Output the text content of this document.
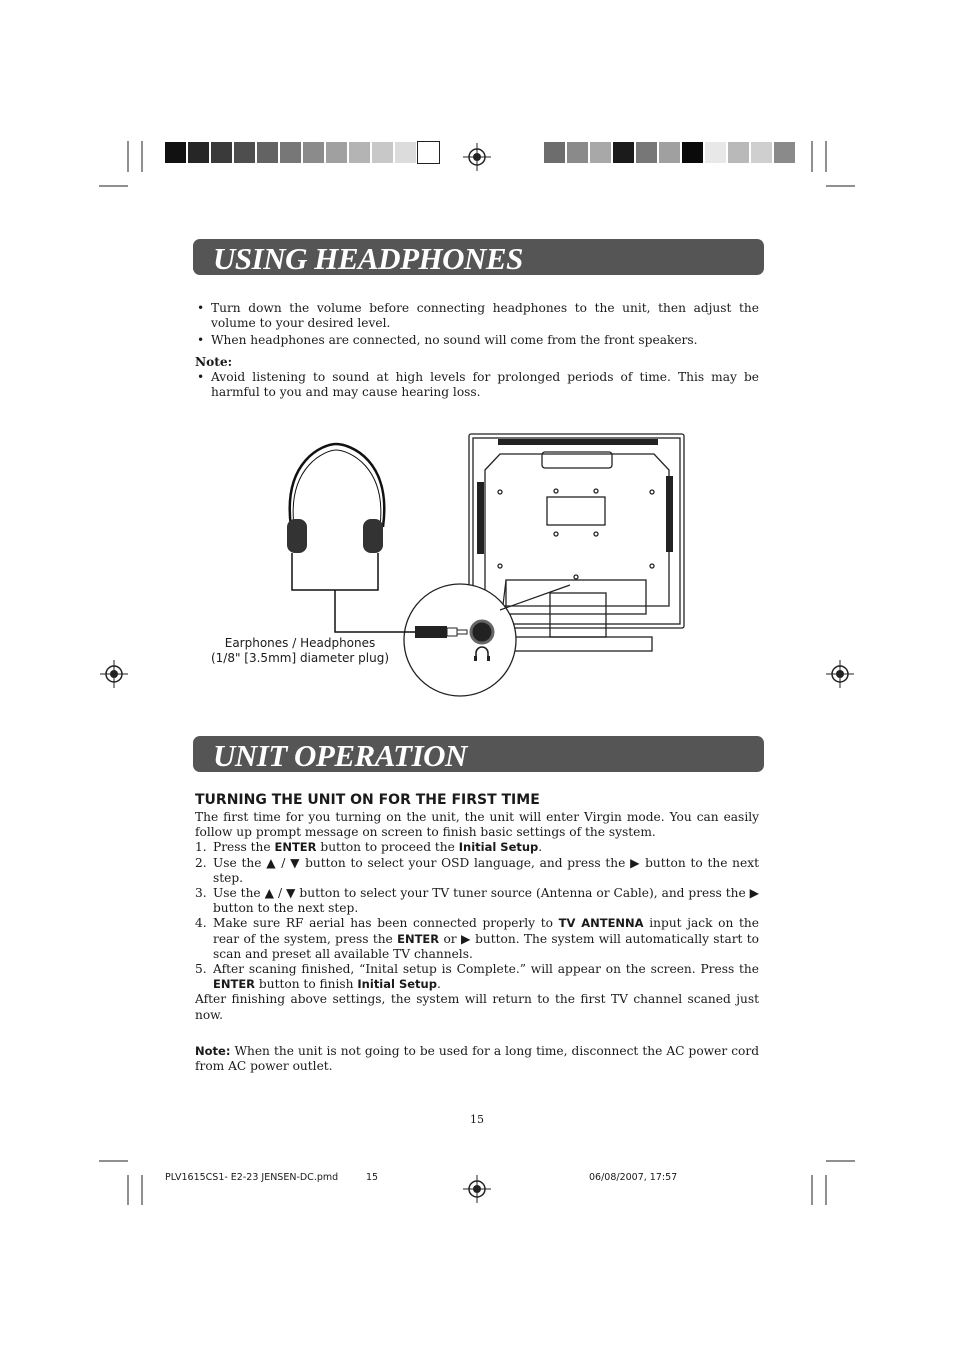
USING HEADPHONES

• Turn down the volume before connecting headphones to the unit, then adjust the volume to your desired level.

• When headphones are connected, no sound will come from the front speakers.

Note:

• Avoid listening to sound at high levels for prolonged periods of time. This may be harmful to you and may cause hearing loss.

Earphones / Headphones
(1/8" [3.5mm] diameter plug)
UNIT OPERATION
TURNING THE UNIT ON FOR THE FIRST TIME

The first time for you turning on the unit, the unit will enter Virgin mode. You can easily follow up prompt message on screen to finish basic settings of the system.

1. Press the ENTER button to proceed the Initial Setup.
2. Use the ▲ / ▼ button to select your OSD language, and press the ▶ button to the next step.
3. Use the ▲ / ▼ button to select your TV tuner source (Antenna or Cable), and press the ▶ button to the next step.
4. Make sure RF aerial has been connected properly to TV ANTENNA input jack on the rear of the system, press the ENTER or ▶ button. The system will automatically start to scan and preset all available TV channels.
5. After scaning finished, “Inital setup is Complete.” will appear on the screen. Press the ENTER button to finish Initial Setup.

After finishing above settings, the system will return to the first TV channel scaned just now.

Note: When the unit is not going to be used for a long time, disconnect the AC power cord from AC power outlet.

15
PLV1615CS1- E2-23 JENSEN-DC.pmd	15	06/08/2007, 17:57
